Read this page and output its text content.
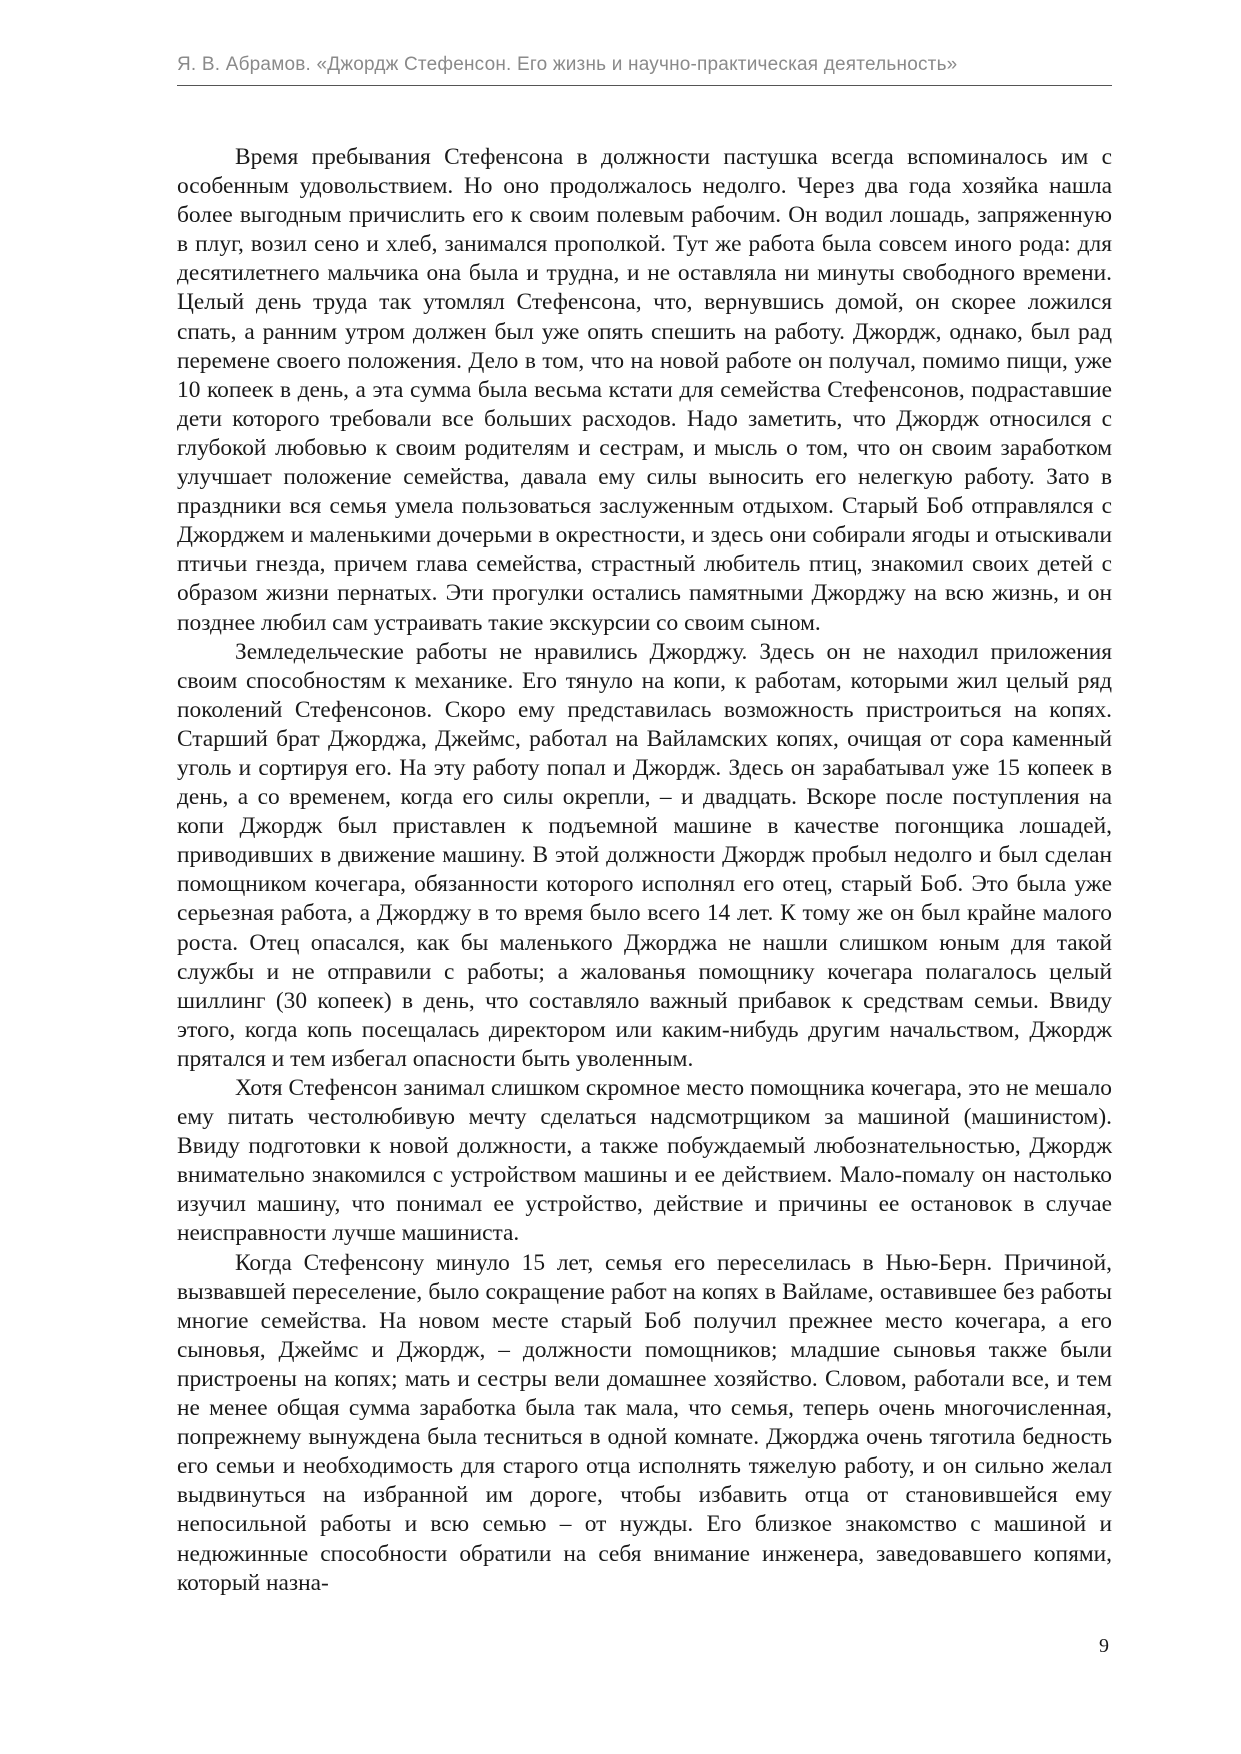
Я. В. Абрамов. «Джордж Стефенсон. Его жизнь и научно-практическая деятельность»

Время пребывания Стефенсона в должности пастушка всегда вспоминалось им с особенным удовольствием. Но оно продолжалось недолго. Через два года хозяйка нашла более выгодным причислить его к своим полевым рабочим. Он водил лошадь, запряженную в плуг, возил сено и хлеб, занимался прополкой. Тут же работа была совсем иного рода: для десятилетнего мальчика она была и трудна, и не оставляла ни минуты свободного времени. Целый день труда так утомлял Стефенсона, что, вернувшись домой, он скорее ложился спать, а ранним утром должен был уже опять спешить на работу. Джордж, однако, был рад перемене своего положения. Дело в том, что на новой работе он получал, помимо пищи, уже 10 копеек в день, а эта сумма была весьма кстати для семейства Стефенсонов, подраставшие дети которого требовали все больших расходов. Надо заметить, что Джордж относился с глубокой любовью к своим родителям и сестрам, и мысль о том, что он своим заработком улучшает положение семейства, давала ему силы выносить его нелегкую работу. Зато в праздники вся семья умела пользоваться заслуженным отдыхом. Старый Боб отправлялся с Джорджем и маленькими дочерьми в окрестности, и здесь они собирали ягоды и отыскивали птичьи гнезда, причем глава семейства, страстный любитель птиц, знакомил своих детей с образом жизни пернатых. Эти прогулки остались памятными Джорджу на всю жизнь, и он позднее любил сам устраивать такие экскурсии со своим сыном.

Земледельческие работы не нравились Джорджу. Здесь он не находил приложения своим способностям к механике. Его тянуло на копи, к работам, которыми жил целый ряд поколений Стефенсонов. Скоро ему представилась возможность пристроиться на копях. Старший брат Джорджа, Джеймс, работал на Вайламских копях, очищая от сора каменный уголь и сортируя его. На эту работу попал и Джордж. Здесь он зарабатывал уже 15 копеек в день, а со временем, когда его силы окрепли, – и двадцать. Вскоре после поступления на копи Джордж был приставлен к подъемной машине в качестве погонщика лошадей, приводивших в движение машину. В этой должности Джордж пробыл недолго и был сделан помощником кочегара, обязанности которого исполнял его отец, старый Боб. Это была уже серьезная работа, а Джорджу в то время было всего 14 лет. К тому же он был крайне малого роста. Отец опасался, как бы маленького Джорджа не нашли слишком юным для такой службы и не отправили с работы; а жалованья помощнику кочегара полагалось целый шиллинг (30 копеек) в день, что составляло важный прибавок к средствам семьи. Ввиду этого, когда копь посещалась директором или каким-нибудь другим начальством, Джордж прятался и тем избегал опасности быть уволенным.

Хотя Стефенсон занимал слишком скромное место помощника кочегара, это не мешало ему питать честолюбивую мечту сделаться надсмотрщиком за машиной (машинистом). Ввиду подготовки к новой должности, а также побуждаемый любознательностью, Джордж внимательно знакомился с устройством машины и ее действием. Мало-помалу он настолько изучил машину, что понимал ее устройство, действие и причины ее остановок в случае неисправности лучше машиниста.

Когда Стефенсону минуло 15 лет, семья его переселилась в Нью-Берн. Причиной, вызвавшей переселение, было сокращение работ на копях в Вайламе, оставившее без работы многие семейства. На новом месте старый Боб получил прежнее место кочегара, а его сыновья, Джеймс и Джордж, – должности помощников; младшие сыновья также были пристроены на копях; мать и сестры вели домашнее хозяйство. Словом, работали все, и тем не менее общая сумма заработка была так мала, что семья, теперь очень многочисленная, попрежнему вынуждена была тесниться в одной комнате. Джорджа очень тяготила бедность его семьи и необходимость для старого отца исполнять тяжелую работу, и он сильно желал выдвинуться на избранной им дороге, чтобы избавить отца от становившейся ему непосильной работы и всю семью – от нужды. Его близкое знакомство с машиной и недюжинные способности обратили на себя внимание инженера, заведовавшего копями, который назна-

9
